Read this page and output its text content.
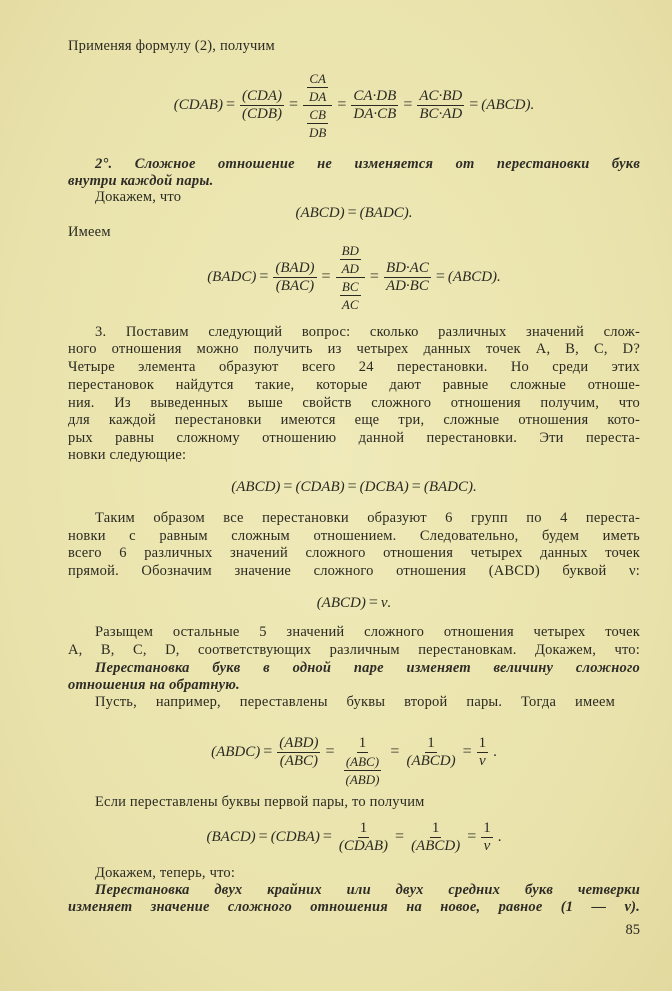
Применяя формулу (2), получим
(CDAB) = $\frac{\text{(CDA)}}{\text{(CDB)}} = \frac{\frac{CA}{DA}}{\frac{CB}{DB}} = \frac{CA\cdot DB}{DA\cdot CB} = \frac{AC\cdot BD}{BC\cdot AD}$ = (ABCD).
2°. Сложное отношение не изменяется от перестановки букв
внутри каждой пары.
Докажем, что
(ABCD) = (BADC).
Имеем
(BADC) = $\frac{\text{(BAD)}}{\text{(BAC)}} = \frac{\frac{BD}{AD}}{\frac{BC}{AC}} = \frac{BD\cdot AC}{AD\cdot BC}$ = (ABCD).
3. Поставим следующий вопрос: сколько различных значений слож-
ного отношения можно получить из четырех данных точек A, B, C, D?
Четыре элемента образуют всего 24 перестановки. Но среди этих
перестановок найдутся такие, которые дают равные сложные отноше-
ния. Из выведенных выше свойств сложного отношения получим, что
для каждой перестановки имеются еще три, сложные отношения кото-
рых равны сложному отношению данной перестановки. Эти переста-
новки следующие:
(ABCD) = (CDAB) = (DCBA) = (BADC).
Таким образом все перестановки образуют 6 групп по 4 переста-
новки с равным сложным отношением. Следовательно, будем иметь
всего 6 различных значений сложного отношения четырех данных точек
прямой. Обозначим значение сложного отношения (ABCD) буквой ν:
(ABCD) = ν.
Разыщем остальные 5 значений сложного отношения четырех точек
A, B, C, D, соответствующих различным перестановкам. Докажем, что:
Перестановка букв в одной паре изменяет величину сложного
отношения на обратную.
Пусть, например, переставлены буквы второй пары. Тогда имеем
(ABDC) = $\frac{\text{(ABD)}}{\text{(ABC)}} = \frac{1}{\frac{\text{(ABC)}}{\text{(ABD)}}} = \frac{1}{\text{(ABCD)}} = \frac{1}{\nu}$ .
Если переставлены буквы первой пары, то получим
(BACD) = (CDBA) = $\frac{1}{\text{(CDAB)}} = \frac{1}{\text{(ABCD)}} = \frac{1}{\nu}$ .
Докажем, теперь, что:
Перестановка двух крайних или двух средних букв четверки
изменяет значение сложного отношения на новое, равное (1 — ν).
85
